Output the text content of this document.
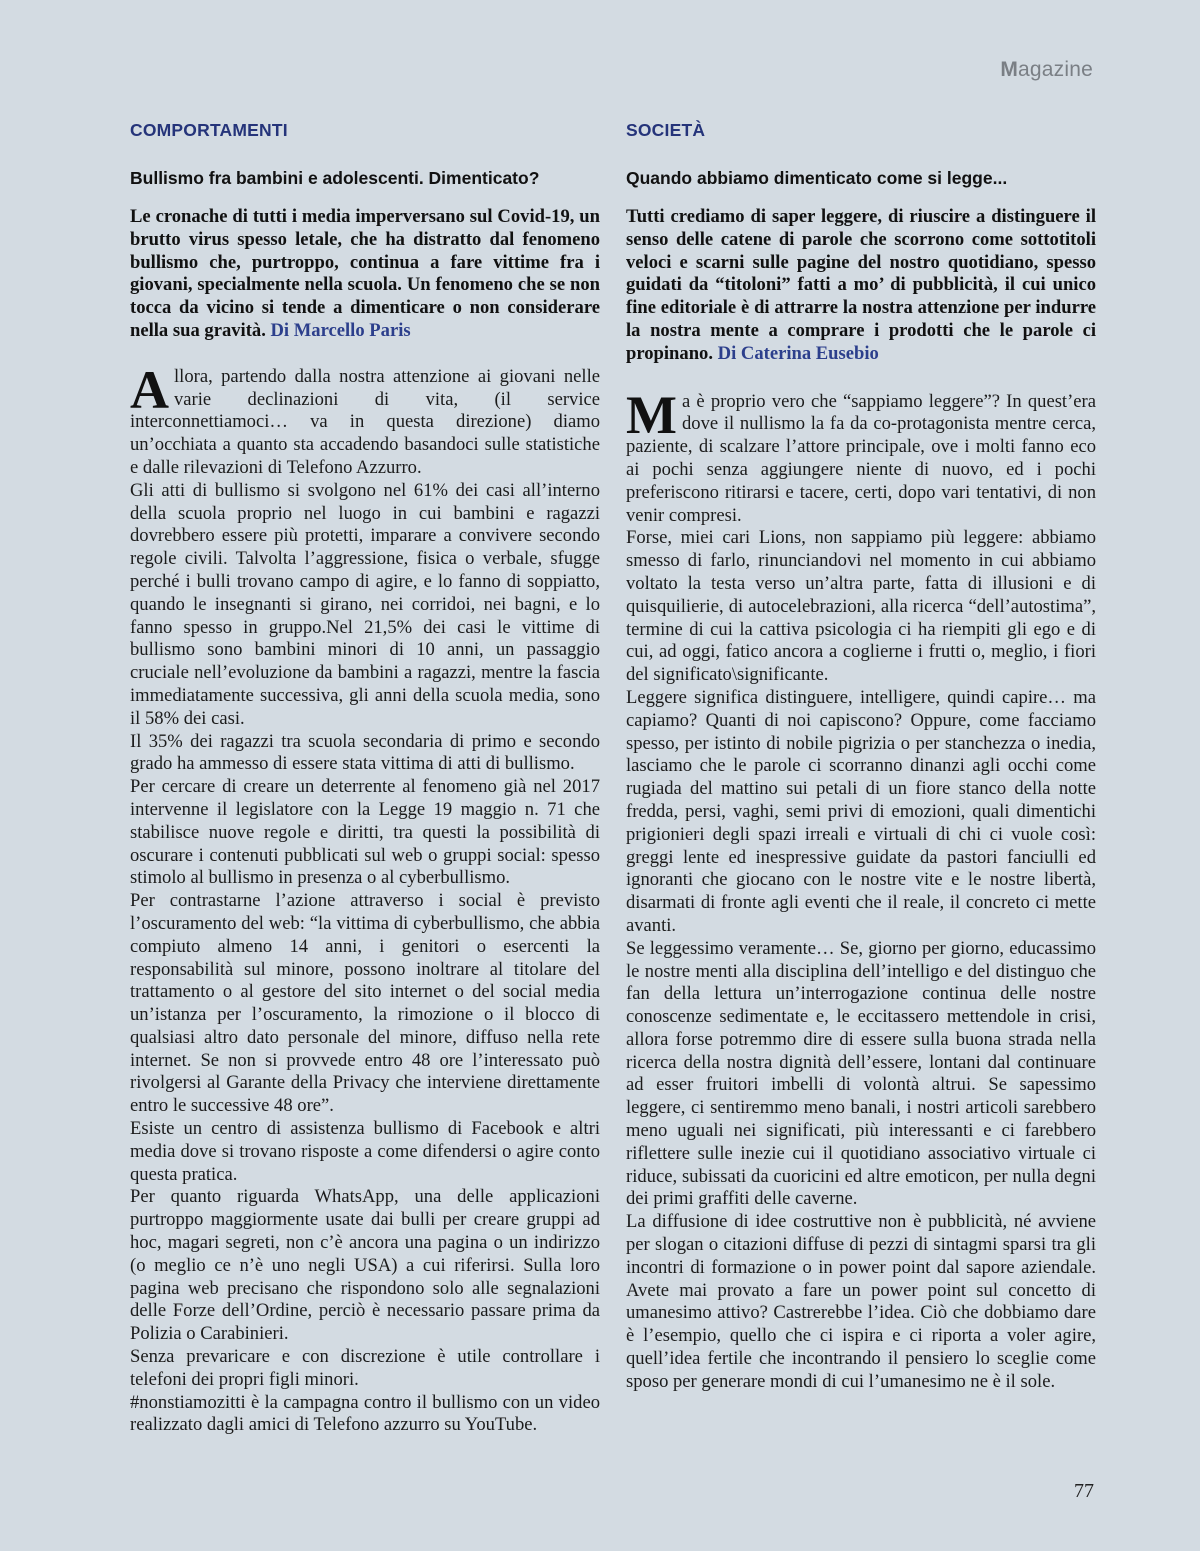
Magazine
COMPORTAMENTI
Bullismo fra bambini e adolescenti. Dimenticato?
Le cronache di tutti i media imperversano sul Covid-19, un brutto virus spesso letale, che ha distratto dal fenomeno bullismo che, purtroppo, continua a fare vittime fra i giovani, specialmente nella scuola. Un fenomeno che se non tocca da vicino si tende a dimenticare o non considerare nella sua gravità. Di Marcello Paris

Allora, partendo dalla nostra attenzione ai giovani nelle varie declinazioni di vita, (il service interconnettiamoci… va in questa direzione) diamo un’occhiata a quanto sta accadendo basandoci sulle statistiche e dalle rilevazioni di Telefono Azzurro.

Gli atti di bullismo si svolgono nel 61% dei casi all’interno della scuola proprio nel luogo in cui bambini e ragazzi dovrebbero essere più protetti, imparare a convivere secondo regole civili. Talvolta l’aggressione, fisica o verbale, sfugge perché i bulli trovano campo di agire, e lo fanno di soppiatto, quando le insegnanti si girano, nei corridoi, nei bagni, e lo fanno spesso in gruppo.Nel 21,5% dei casi le vittime di bullismo sono bambini minori di 10 anni, un passaggio cruciale nell’evoluzione da bambini a ragazzi, mentre la fascia immediatamente successiva, gli anni della scuola media, sono il 58% dei casi.

Il 35% dei ragazzi tra scuola secondaria di primo e secondo grado ha ammesso di essere stata vittima di atti di bullismo.

Per cercare di creare un deterrente al fenomeno già nel 2017 intervenne il legislatore con la Legge 19 maggio n. 71 che stabilisce nuove regole e diritti, tra questi la possibilità di oscurare i contenuti pubblicati sul web o gruppi social: spesso stimolo al bullismo in presenza o al cyberbullismo.

Per contrastarne l’azione attraverso i social è previsto l’oscuramento del web: “la vittima di cyberbullismo, che abbia compiuto almeno 14 anni, i genitori o esercenti la responsabilità sul minore, possono inoltrare al titolare del trattamento o al gestore del sito internet o del social media un’istanza per l’oscuramento, la rimozione o il blocco di qualsiasi altro dato personale del minore, diffuso nella rete internet. Se non si provvede entro 48 ore l’interessato può rivolgersi al Garante della Privacy che interviene direttamente entro le successive 48 ore”.

Esiste un centro di assistenza bullismo di Facebook e altri media dove si trovano risposte a come difendersi o agire conto questa pratica.

Per quanto riguarda WhatsApp, una delle applicazioni purtroppo maggiormente usate dai bulli per creare gruppi ad hoc, magari segreti, non c’è ancora una pagina o un indirizzo (o meglio ce n’è uno negli USA) a cui riferirsi. Sulla loro pagina web precisano che rispondono solo alle segnalazioni delle Forze dell’Ordine, perciò è necessario passare prima da Polizia o Carabinieri.

Senza prevaricare e con discrezione è utile controllare i telefoni dei propri figli minori.

#nonstiamozitti è la campagna contro il bullismo con un video realizzato dagli amici di Telefono azzurro su YouTube.

SOCIETÀ
Quando abbiamo dimenticato come si legge...
Tutti crediamo di saper leggere, di riuscire a distinguere il senso delle catene di parole che scorrono come sottotitoli veloci e scarni sulle pagine del nostro quotidiano, spesso guidati da “titoloni” fatti a mo’ di pubblicità, il cui unico fine editoriale è di attrarre la nostra attenzione per indurre la nostra mente a comprare i prodotti che le parole ci propinano. Di Caterina Eusebio

Ma è proprio vero che “sappiamo leggere”? In quest’era dove il nullismo la fa da co-protagonista mentre cerca, paziente, di scalzare l’attore principale, ove i molti fanno eco ai pochi senza aggiungere niente di nuovo, ed i pochi preferiscono ritirarsi e tacere, certi, dopo vari tentativi, di non venir compresi.

Forse, miei cari Lions, non sappiamo più leggere: abbiamo smesso di farlo, rinunciandovi nel momento in cui abbiamo voltato la testa verso un’altra parte, fatta di illusioni e di quisquilierie, di autocelebrazioni, alla ricerca “dell’autostima”, termine di cui la cattiva psicologia ci ha riempiti gli ego e di cui, ad oggi, fatico ancora a coglierne i frutti o, meglio, i fiori del significato\significante.

Leggere significa distinguere, intelligere, quindi capire… ma capiamo? Quanti di noi capiscono? Oppure, come facciamo spesso, per istinto di nobile pigrizia o per stanchezza o inedia, lasciamo che le parole ci scorranno dinanzi agli occhi come rugiada del mattino sui petali di un fiore stanco della notte fredda, persi, vaghi, semi privi di emozioni, quali dimentichi prigionieri degli spazi irreali e virtuali di chi ci vuole così: greggi lente ed inespressive guidate da pastori fanciulli ed ignoranti che giocano con le nostre vite e le nostre libertà, disarmati di fronte agli eventi che il reale, il concreto ci mette avanti.

Se leggessimo veramente… Se, giorno per giorno, educassimo le nostre menti alla disciplina dell’intelligo e del distinguo che fan della lettura un’interrogazione continua delle nostre conoscenze sedimentate e, le eccitassero mettendole in crisi, allora forse potremmo dire di essere sulla buona strada nella ricerca della nostra dignità dell’essere, lontani dal continuare ad esser fruitori imbelli di volontà altrui. Se sapessimo leggere, ci sentiremmo meno banali, i nostri articoli sarebbero meno uguali nei significati, più interessanti e ci farebbero riflettere sulle inezie cui il quotidiano associativo virtuale ci riduce, subissati da cuoricini ed altre emoticon, per nulla degni dei primi graffiti delle caverne.

La diffusione di idee costruttive non è pubblicità, né avviene per slogan o citazioni diffuse di pezzi di sintagmi sparsi tra gli incontri di formazione o in power point dal sapore aziendale. Avete mai provato a fare un power point sul concetto di umanesimo attivo? Castrerebbe l’idea. Ciò che dobbiamo dare è l’esempio, quello che ci ispira e ci riporta a voler agire, quell’idea fertile che incontrando il pensiero lo sceglie come sposo per generare mondi di cui l’umanesimo ne è il sole.

77
